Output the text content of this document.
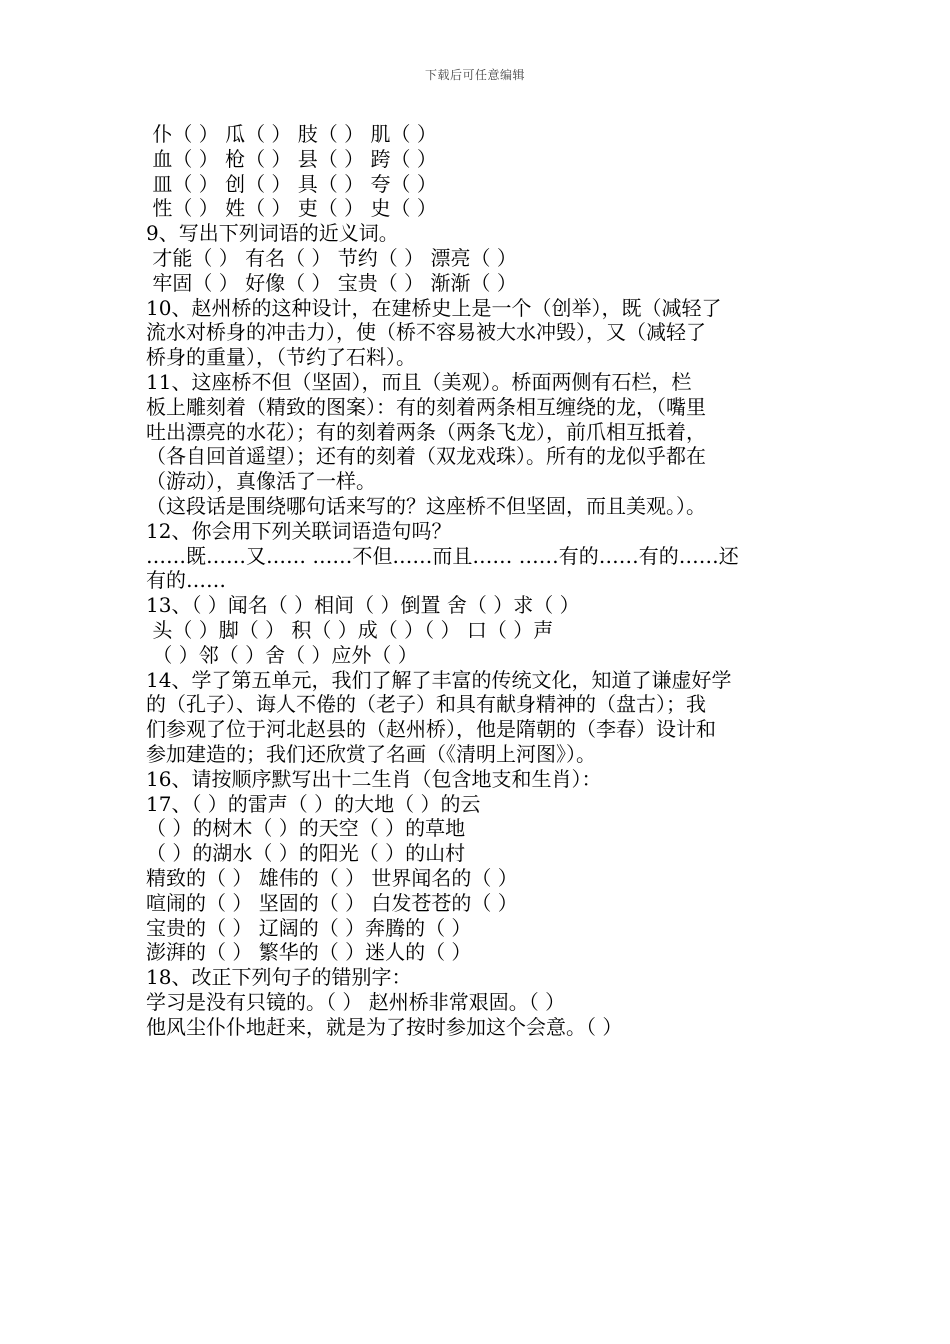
下载后可任意编辑
仆（ ） 瓜（ ） 肢（ ） 肌（ ）
血（ ） 枪（ ） 县（ ） 跨（ ）
皿（ ） 创（ ） 具（ ） 夸（ ）
性（ ） 姓（ ） 吏（ ） 史（ ）
9、写出下列词语的近义词。
才能（ ） 有名（ ） 节约（ ） 漂亮（ ）
牢固（ ） 好像（ ） 宝贵（ ） 渐渐（ ）
10、赵州桥的这种设计，在建桥史上是一个（创举），既（减轻了
流水对桥身的冲击力），使（桥不容易被大水冲毁），又（减轻了
桥身的重量），（节约了石料）。
11、这座桥不但（坚固），而且（美观）。桥面两侧有石栏，栏
板上雕刻着（精致的图案）：有的刻着两条相互缠绕的龙，（嘴里
吐出漂亮的水花）；有的刻着两条（两条飞龙），前爪相互抵着，
（各自回首遥望）；还有的刻着（双龙戏珠）。所有的龙似乎都在
（游动），真像活了一样。
（这段话是围绕哪句话来写的？这座桥不但坚固，而且美观。）。
12、你会用下列关联词语造句吗？
……既……又…… ……不但……而且…… ……有的……有的……还
有的……
13、（ ）闻名（ ）相间（ ）倒置 舍（ ）求（ ）
头（ ）脚（ ） 积（ ）成（ ）（ ） 口（ ）声
（ ）邻（ ）舍（ ）应外（ ）
14、学了第五单元，我们了解了丰富的传统文化，知道了谦虚好学
的（孔子）、诲人不倦的（老子）和具有献身精神的（盘古）；我
们参观了位于河北赵县的（赵州桥），他是隋朝的（李春）设计和
参加建造的；我们还欣赏了名画（《清明上河图》）。
16、请按顺序默写出十二生肖（包含地支和生肖）：
17、（ ）的雷声（ ）的大地（ ）的云
（ ）的树木（ ）的天空（ ）的草地
（ ）的湖水（ ）的阳光（ ）的山村
精致的（ ） 雄伟的（ ） 世界闻名的（ ）
喧闹的（ ） 坚固的（ ） 白发苍苍的（ ）
宝贵的（ ） 辽阔的（ ）奔腾的（ ）
澎湃的（ ） 繁华的（ ）迷人的（ ）
18、改正下列句子的错别字：
学习是没有只镜的。（ ） 赵州桥非常艰固。（ ）
他风尘仆仆地赶来，就是为了按时参加这个会意。（ ）
